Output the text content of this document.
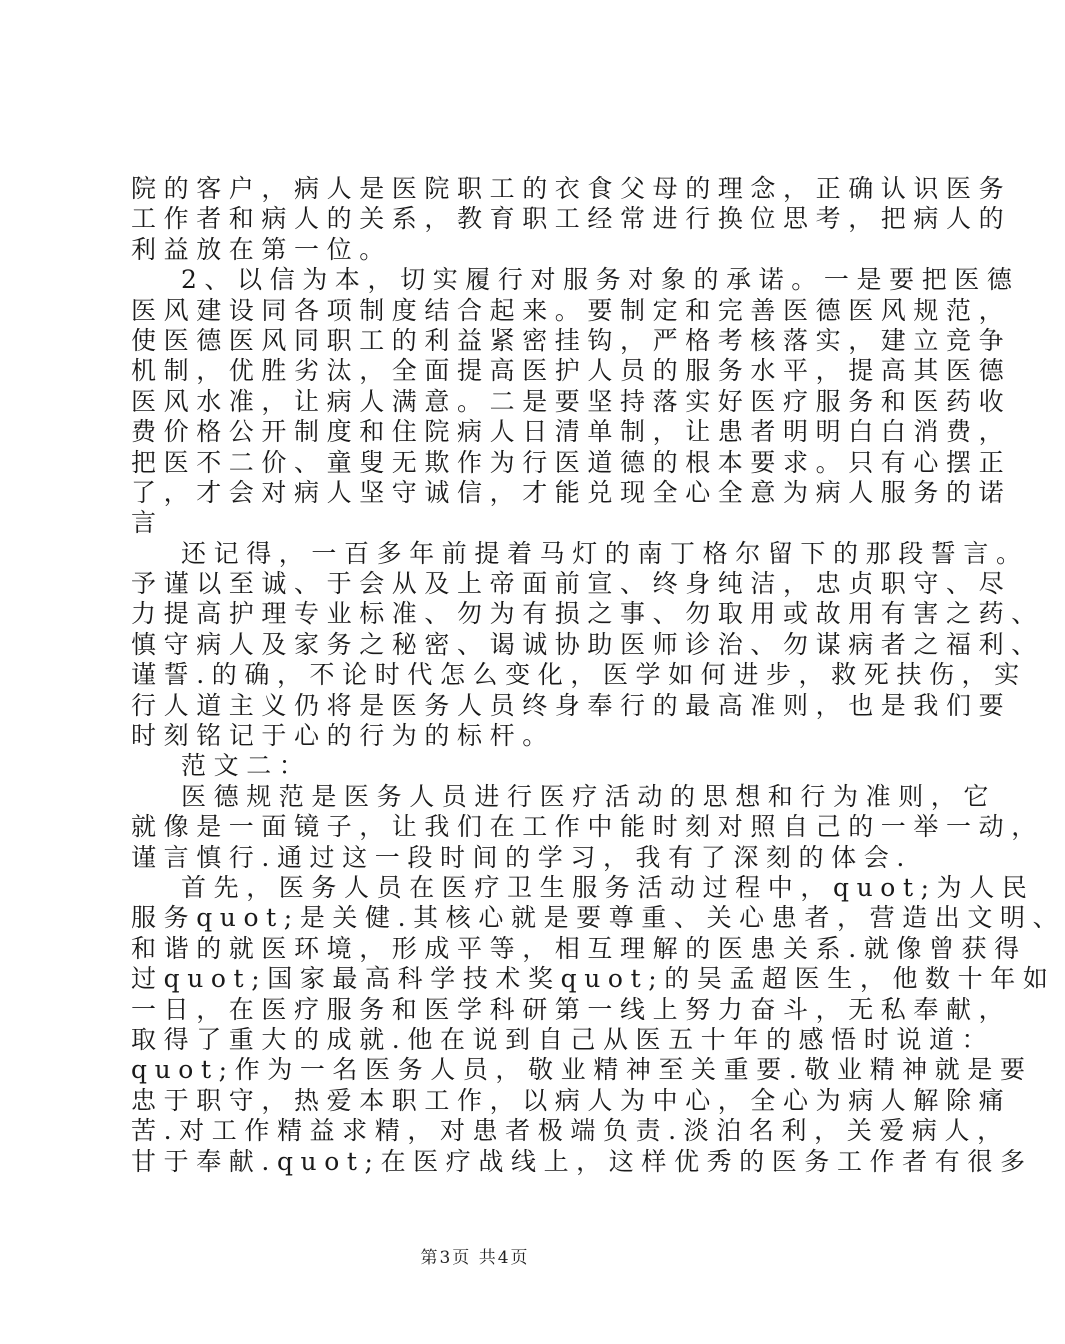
院的客户，病人是医院职工的衣食父母的理念，正确认识医务
工作者和病人的关系，教育职工经常进行换位思考，把病人的
利益放在第一位。
2、以信为本，切实履行对服务对象的承诺。一是要把医德
医风建设同各项制度结合起来。要制定和完善医德医风规范，
使医德医风同职工的利益紧密挂钩，严格考核落实，建立竞争
机制，优胜劣汰，全面提高医护人员的服务水平，提高其医德
医风水准，让病人满意。二是要坚持落实好医疗服务和医药收
费价格公开制度和住院病人日清单制，让患者明明白白消费，
把医不二价、童叟无欺作为行医道德的根本要求。只有心摆正
了，才会对病人坚守诚信，才能兑现全心全意为病人服务的诺
言
还记得，一百多年前提着马灯的南丁格尔留下的那段誓言。
予谨以至诚、于会从及上帝面前宣、终身纯洁，忠贞职守、尽
力提高护理专业标准、勿为有损之事、勿取用或故用有害之药、
慎守病人及家务之秘密、谒诚协助医师诊治、勿谋病者之福利、
谨誓.的确，不论时代怎么变化，医学如何进步，救死扶伤，实
行人道主义仍将是医务人员终身奉行的最高准则，也是我们要
时刻铭记于心的行为的标杆。
范文二：
医德规范是医务人员进行医疗活动的思想和行为准则，它
就像是一面镜子，让我们在工作中能时刻对照自己的一举一动，
谨言慎行.通过这一段时间的学习，我有了深刻的体会.
首先，医务人员在医疗卫生服务活动过程中，quot;为人民
服务quot;是关健.其核心就是要尊重、关心患者，营造出文明、
和谐的就医环境，形成平等，相互理解的医患关系.就像曾获得
过quot;国家最高科学技术奖quot;的吴孟超医生，他数十年如
一日，在医疗服务和医学科研第一线上努力奋斗，无私奉献，
取得了重大的成就.他在说到自己从医五十年的感悟时说道：
quot;作为一名医务人员，敬业精神至关重要.敬业精神就是要
忠于职守，热爱本职工作，以病人为中心，全心为病人解除痛
苦.对工作精益求精，对患者极端负责.淡泊名利，关爱病人，
甘于奉献.quot;在医疗战线上，这样优秀的医务工作者有很多
第3页 共4页
